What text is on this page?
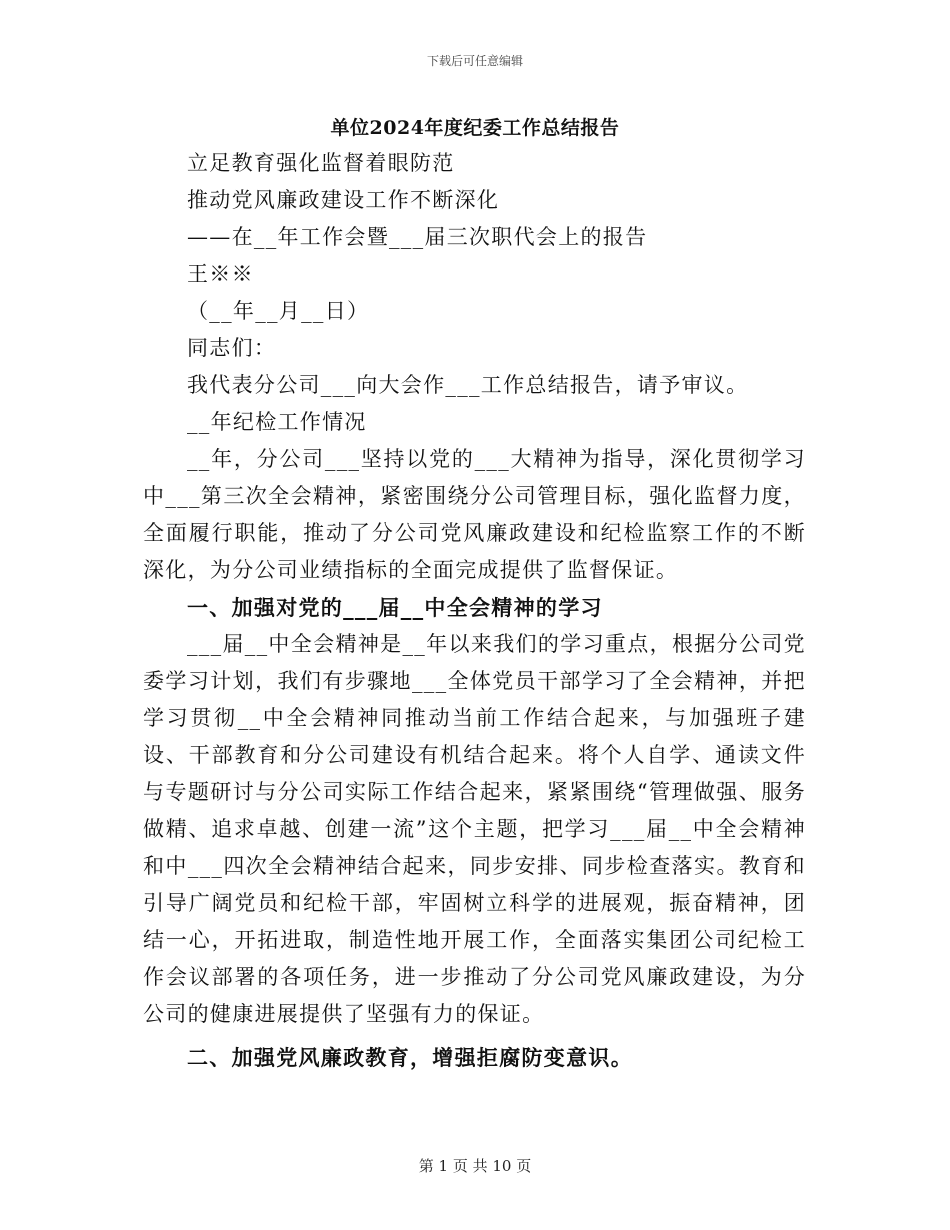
下载后可任意编辑
单位2024年度纪委工作总结报告

立足教育强化监督着眼防范

推动党风廉政建设工作不断深化

——在__年工作会暨___届三次职代会上的报告

王※※

（__年__月__日）

同志们：

我代表分公司___向大会作___工作总结报告，请予审议。

__年纪检工作情况

__年，分公司___坚持以党的___大精神为指导，深化贯彻学习中___第三次全会精神，紧密围绕分公司管理目标，强化监督力度，全面履行职能，推动了分公司党风廉政建设和纪检监察工作的不断深化，为分公司业绩指标的全面完成提供了监督保证。

一、加强对党的___届__中全会精神的学习

___届__中全会精神是__年以来我们的学习重点，根据分公司党委学习计划，我们有步骤地___全体党员干部学习了全会精神，并把学习贯彻__中全会精神同推动当前工作结合起来，与加强班子建设、干部教育和分公司建设有机结合起来。将个人自学、通读文件与专题研讨与分公司实际工作结合起来，紧紧围绕“管理做强、服务做精、追求卓越、创建一流”这个主题，把学习___届__中全会精神和中___四次全会精神结合起来，同步安排、同步检查落实。教育和引导广阔党员和纪检干部，牢固树立科学的进展观，振奋精神，团结一心，开拓进取，制造性地开展工作，全面落实集团公司纪检工作会议部署的各项任务，进一步推动了分公司党风廉政建设，为分公司的健康进展提供了坚强有力的保证。

二、加强党风廉政教育，增强拒腐防变意识。

第 1 页 共 10 页
